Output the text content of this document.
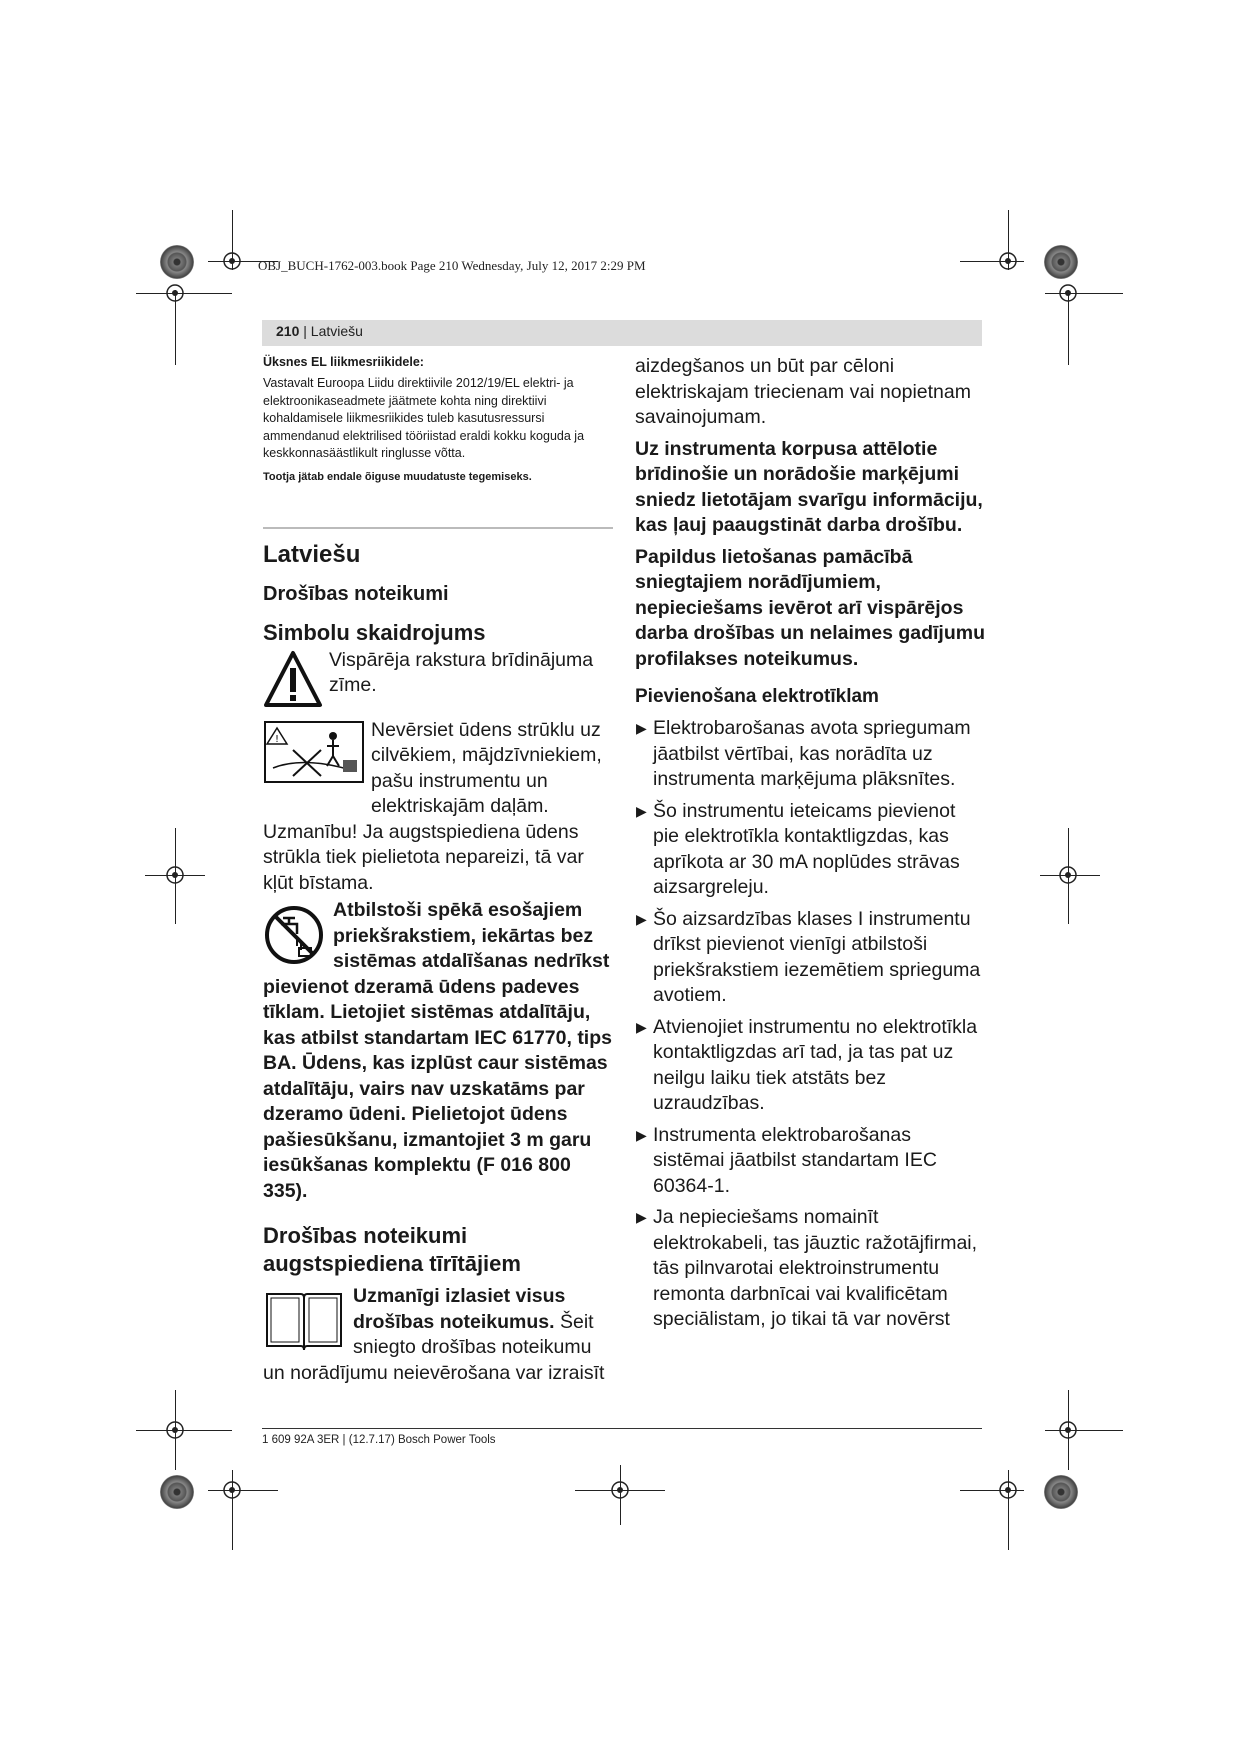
OBJ_BUCH-1762-003.book Page 210 Wednesday, July 12, 2017 2:29 PM
210 | Latviešu

Üksnes EL liikmesriikidele:

Vastavalt Euroopa Liidu direktiivile 2012/19/EL elektri- ja elektroonikaseadmete jäätmete kohta ning direktiivi kohaldamisele liikmesriikides tuleb kasutusressursi ammendanud elektrilised tööriistad eraldi kokku koguda ja keskkonnasäästlikult ringlusse võtta.

Tootja jätab endale õiguse muudatuste tegemiseks.

Latviešu
Drošības noteikumi
Simbolu skaidrojums
Vispārēja rakstura brīdinājuma zīme.
!	Nevērsiet ūdens strūklu uz cilvēkiem, mājdzīvniekiem, pašu instrumentu un elektriskajām daļām.

Uzmanību! Ja augstspiediena ūdens strūkla tiek pielietota nepareizi, tā var kļūt bīstama.

Atbilstoši spēkā esošajiem priekšrakstiem, iekārtas bez sistēmas atdalīšanas nedrīkst pievienot dzeramā ūdens padeves tīklam. Lietojiet sistēmas atdalītāju, kas atbilst standartam IEC 61770, tips BA. Ūdens, kas izplūst caur sistēmas atdalītāju, vairs nav uzskatāms par dzeramo ūdeni. Pielietojot ūdens pašiesūkšanu, izmantojiet 3 m garu iesūkšanas komplektu (F 016 800 335).

Drošības noteikumi augstspiediena tīrītājiem

Uzmanīgi izlasiet visus drošības noteikumus. Šeit sniegto drošības noteikumu un norādījumu neievērošana var izraisīt

aizdegšanos un būt par cēloni elektriskajam triecienam vai nopietnam savainojumam.

Uz instrumenta korpusa attēlotie brīdinošie un norādošie marķējumi sniedz lietotājam svarīgu informāciju, kas ļauj paaugstināt darba drošību.

Papildus lietošanas pamācībā sniegtajiem norādījumiem, nepieciešams ievērot arī vispārējos darba drošības un nelaimes gadījumu profilakses noteikumus.

Pievienošana elektrotīklam

▶ Elektrobarošanas avota spriegumam jāatbilst vērtībai, kas norādīta uz instrumenta marķējuma plāksnītes.
▶ Šo instrumentu ieteicams pievienot pie elektrotīkla kontaktligzdas, kas aprīkota ar 30 mA noplūdes strāvas aizsargreleju.
▶ Šo aizsardzības klases I instrumentu drīkst pievienot vienīgi atbilstoši priekšrakstiem iezemētiem sprieguma avotiem.
▶ Atvienojiet instrumentu no elektrotīkla kontaktligzdas arī tad, ja tas pat uz neilgu laiku tiek atstāts bez uzraudzības.
▶ Instrumenta elektrobarošanas sistēmai jāatbilst standartam IEC 60364-1.
▶ Ja nepieciešams nomainīt elektrokabeli, tas jāuztic ražotājfirmai, tās pilnvarotai elektroinstrumentu remonta darbnīcai vai kvalificētam speciālistam, jo tikai tā var novērst
1 609 92A 3ER | (12.7.17) Bosch Power Tools
